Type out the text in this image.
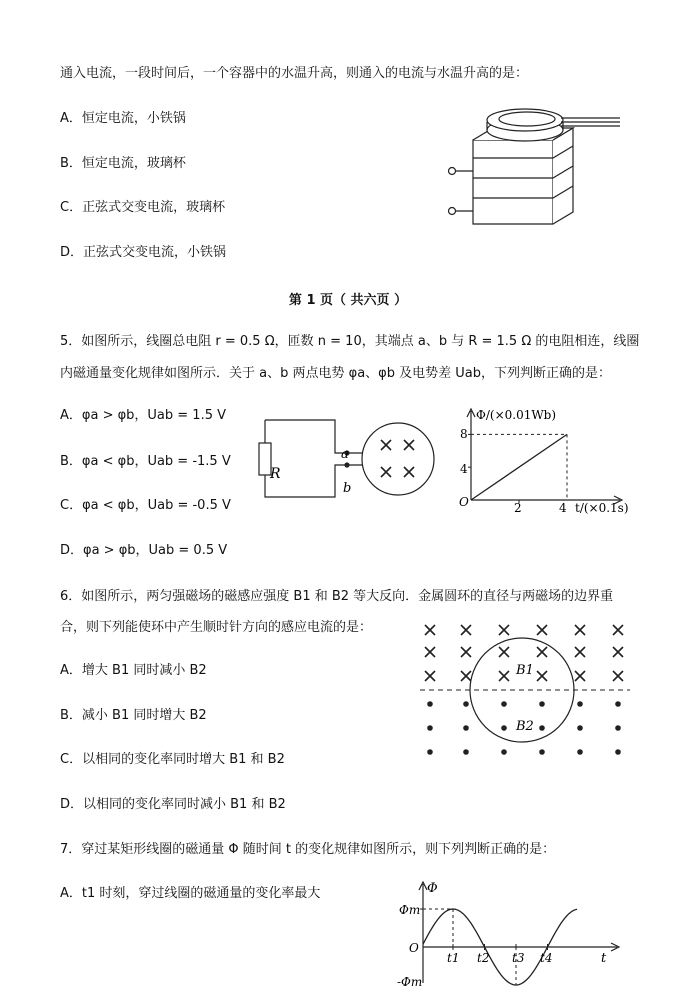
通入电流，一段时间后，一个容器中的水温升高，则通入的电流与水温升高的是：
A．恒定电流，小铁锅
B．恒定电流，玻璃杯
C．正弦式交变电流，玻璃杯
D．正弦式交变电流，小铁锅
第 1 页（ 共六页 ）
5．如图所示，线圈总电阻 r = 0.5 Ω，匝数 n = 10，其端点 a、b 与 R = 1.5 Ω 的电阻相连，线圈
内磁通量变化规律如图所示．关于 a、b 两点电势 φa、φb 及电势差 Uab，下列判断正确的是：
A．φa > φb，Uab = 1.5 V
B．φa < φb，Uab = -1.5 V
C．φa < φb，Uab = -0.5 V
D．φa > φb，Uab = 0.5 V
R
a
b
Φ/(×0.01Wb)
t/(×0.1s)
O
4
8
2	4
6．如图所示，两匀强磁场的磁感应强度 B1 和 B2 等大反向．金属圆环的直径与两磁场的边界重
合，则下列能使环中产生顺时针方向的感应电流的是：
A．增大 B1 同时减小 B2
B．减小 B1 同时增大 B2
C．以相同的变化率同时增大 B1 和 B2
D．以相同的变化率同时减小 B1 和 B2
B1
B2
7．穿过某矩形线圈的磁通量 Φ 随时间 t 的变化规律如图所示，则下列判断正确的是：
A．t1 时刻，穿过线圈的磁通量的变化率最大	Φ
t
O
Φm
-Φm
t1 t2 t3 t4
